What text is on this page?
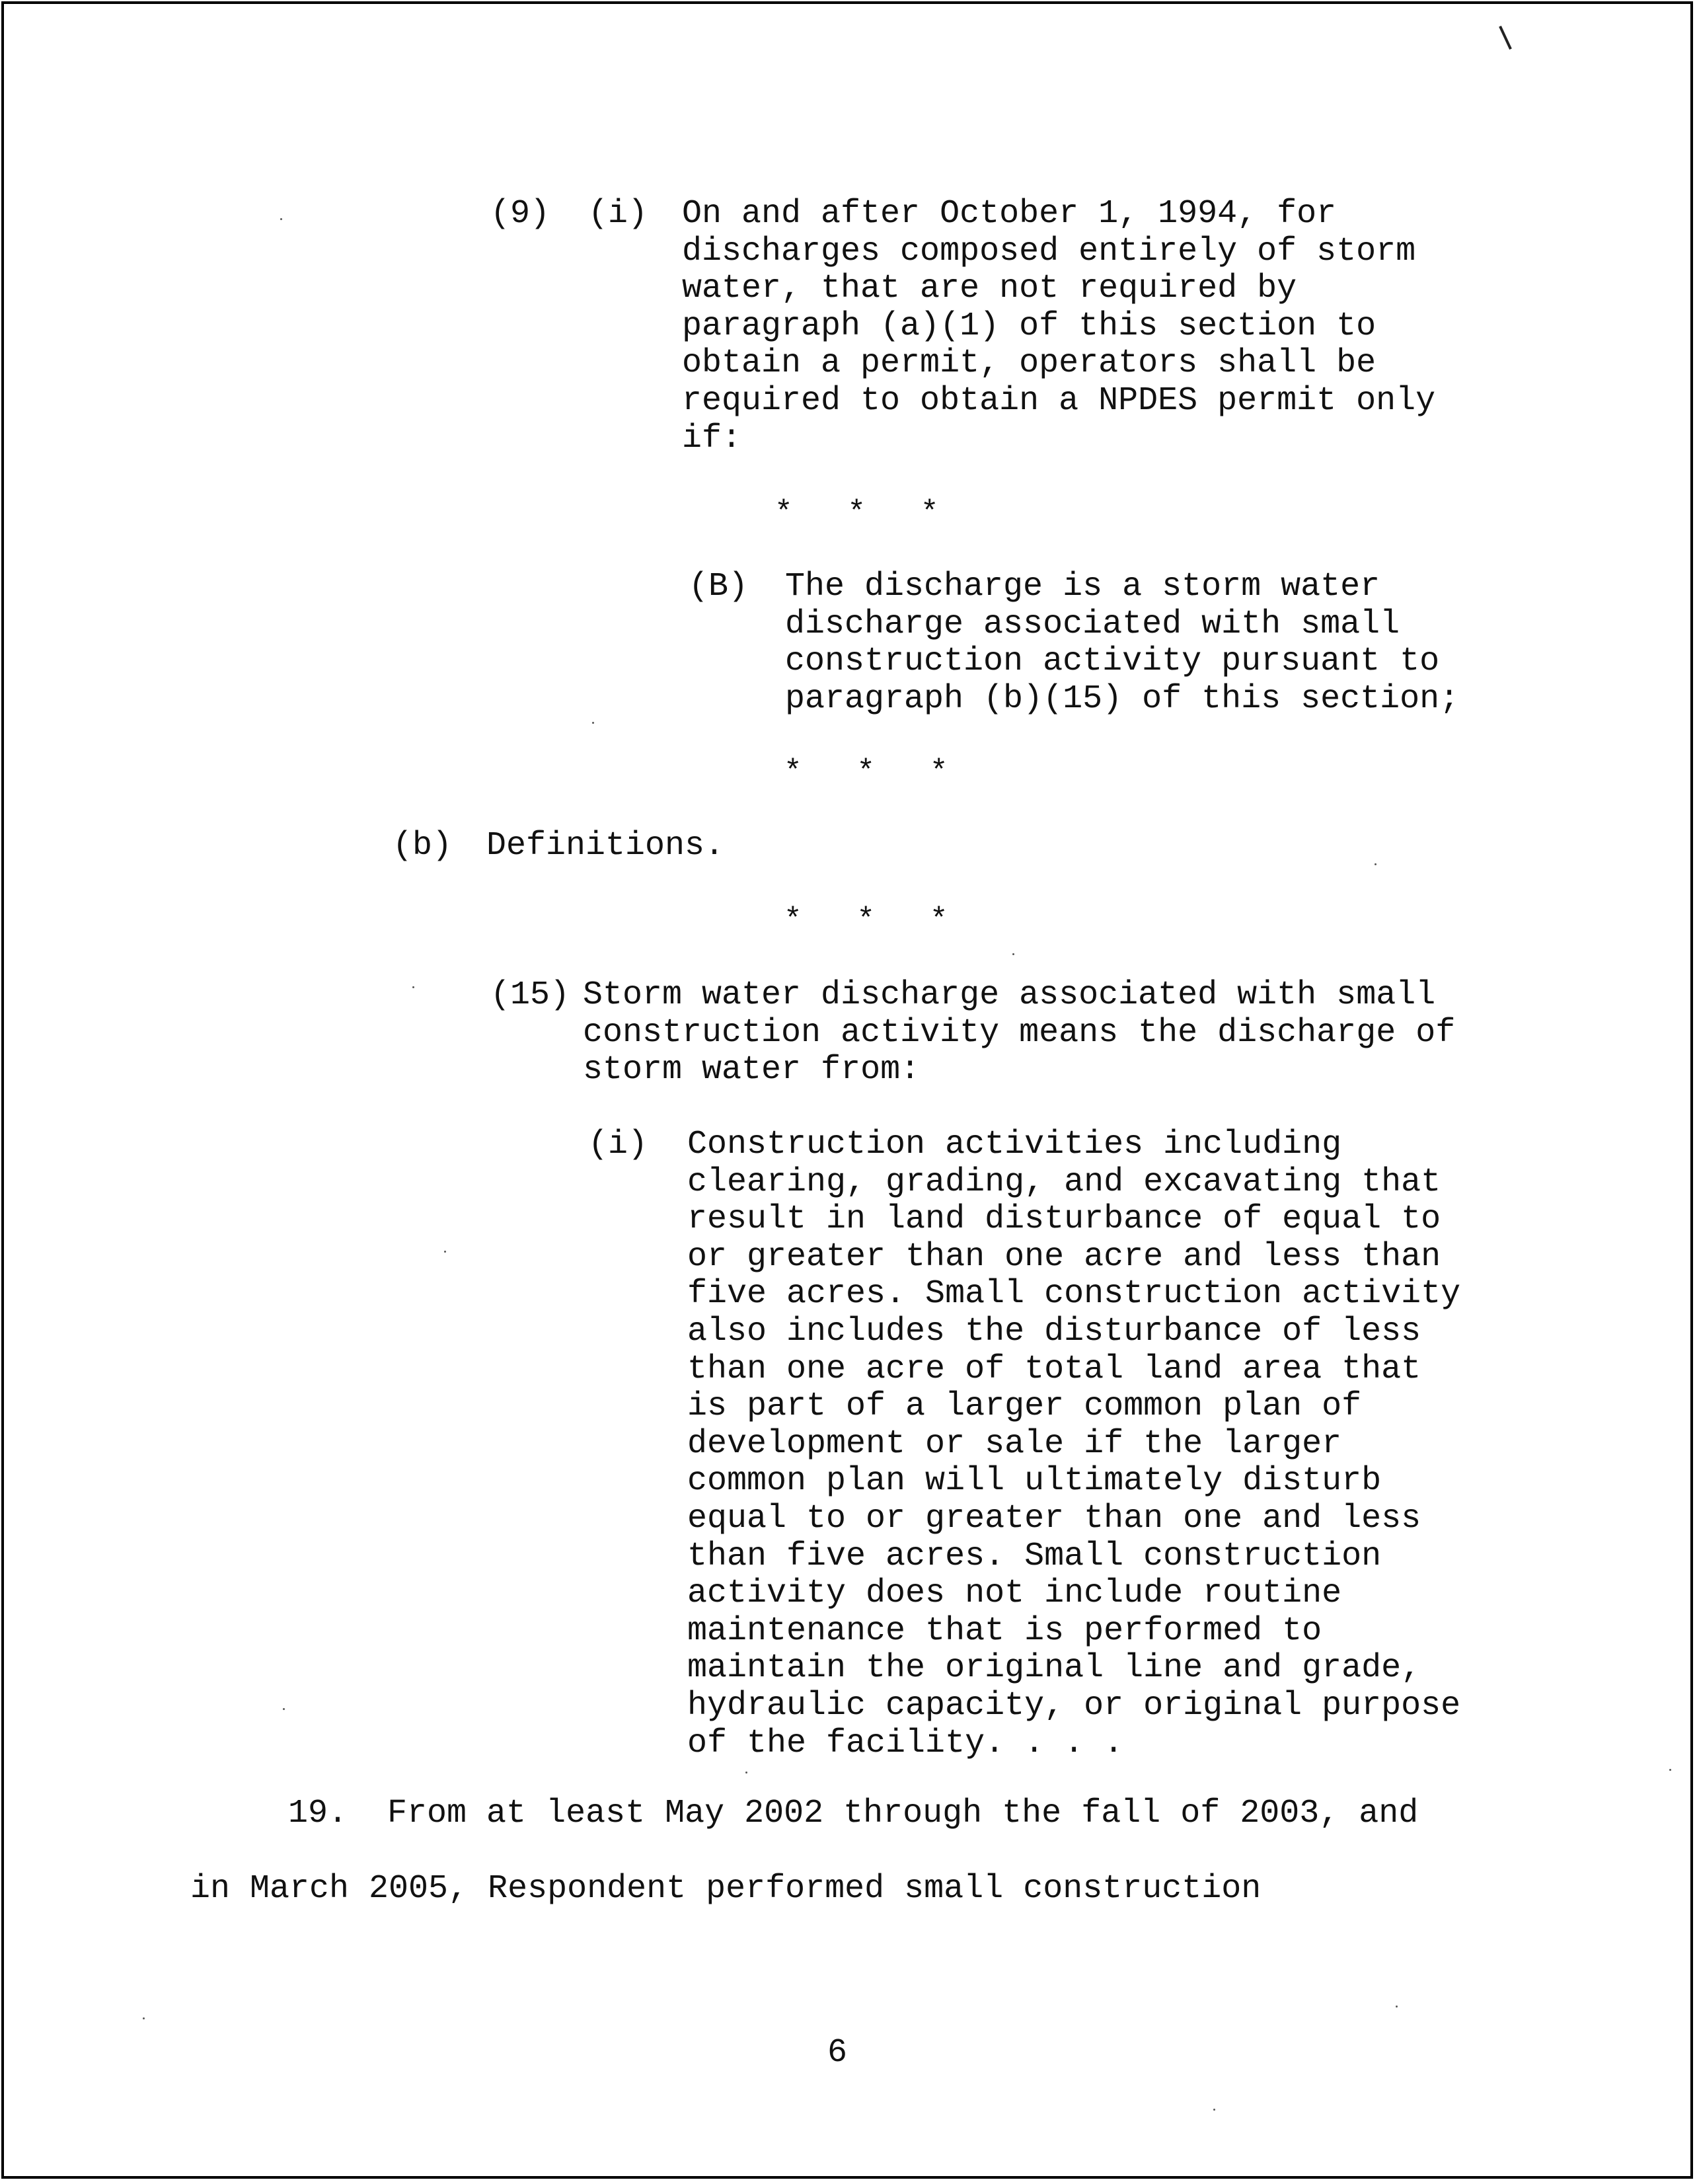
(9) (i) On and after October 1, 1994, for
discharges composed entirely of storm
water, that are not required by
paragraph (a)(1) of this section to
obtain a permit, operators shall be
required to obtain a NPDES permit only
if:
*   *   *
(B) The discharge is a storm water
discharge associated with small
construction activity pursuant to
paragraph (b)(15) of this section;
*   *   *
(b) Definitions.
*   *   *
(15) Storm water discharge associated with small
construction activity means the discharge of
storm water from:
(i) Construction activities including
clearing, grading, and excavating that
result in land disturbance of equal to
or greater than one acre and less than
five acres. Small construction activity
also includes the disturbance of less
than one acre of total land area that
is part of a larger common plan of
development or sale if the larger
common plan will ultimately disturb
equal to or greater than one and less
than five acres. Small construction
activity does not include routine
maintenance that is performed to
maintain the original line and grade,
hydraulic capacity, or original purpose
of the facility. . . .
19.  From at least May 2002 through the fall of 2003, and
in March 2005, Respondent performed small construction
6
